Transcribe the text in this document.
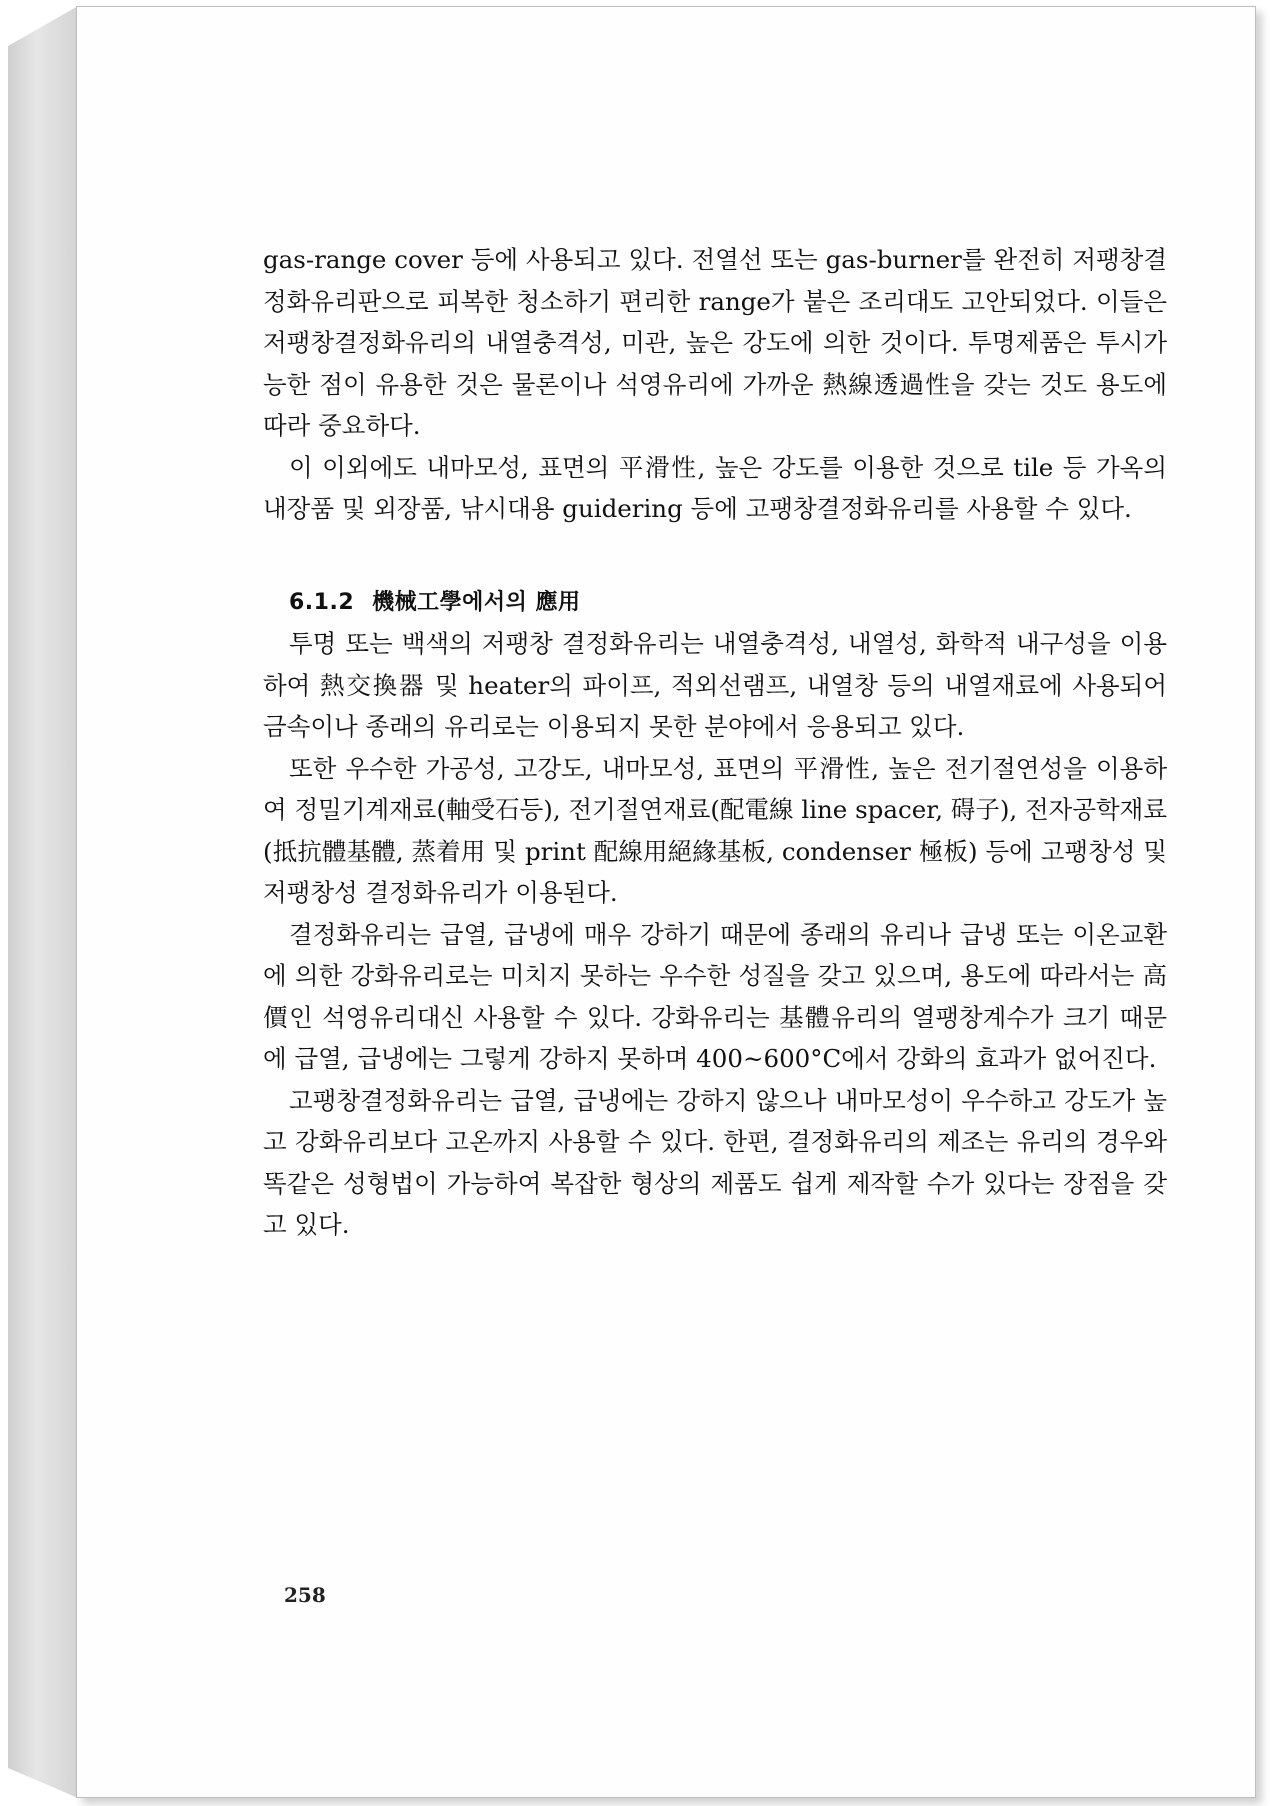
gas-range cover 등에 사용되고 있다. 전열선 또는 gas-burner를 완전히 저팽창결정화유리판으로 피복한 청소하기 편리한 range가 붙은 조리대도 고안되었다. 이들은 저팽창결정화유리의 내열충격성, 미관, 높은 강도에 의한 것이다. 투명제품은 투시가능한 점이 유용한 것은 물론이나 석영유리에 가까운 熱線透過性을 갖는 것도 용도에 따라 중요하다.

이 이외에도 내마모성, 표면의 平滑性, 높은 강도를 이용한 것으로 tile 등 가옥의 내장품 및 외장품, 낚시대용 guidering 등에 고팽창결정화유리를 사용할 수 있다.

6.1.2 機械工學에서의 應用

투명 또는 백색의 저팽창 결정화유리는 내열충격성, 내열성, 화학적 내구성을 이용하여 熱交換器 및 heater의 파이프, 적외선램프, 내열창 등의 내열재료에 사용되어 금속이나 종래의 유리로는 이용되지 못한 분야에서 응용되고 있다.

또한 우수한 가공성, 고강도, 내마모성, 표면의 平滑性, 높은 전기절연성을 이용하여 정밀기계재료(軸受石등), 전기절연재료(配電線 line spacer, 碍子), 전자공학재료(抵抗體基體, 蒸着用 및 print 配線用絕緣基板, condenser 極板) 등에 고팽창성 및 저팽창성 결정화유리가 이용된다.

결정화유리는 급열, 급냉에 매우 강하기 때문에 종래의 유리나 급냉 또는 이온교환에 의한 강화유리로는 미치지 못하는 우수한 성질을 갖고 있으며, 용도에 따라서는 高價인 석영유리대신 사용할 수 있다. 강화유리는 基體유리의 열팽창계수가 크기 때문에 급열, 급냉에는 그렇게 강하지 못하며 400~600°C에서 강화의 효과가 없어진다.

고팽창결정화유리는 급열, 급냉에는 강하지 않으나 내마모성이 우수하고 강도가 높고 강화유리보다 고온까지 사용할 수 있다. 한편, 결정화유리의 제조는 유리의 경우와 똑같은 성형법이 가능하여 복잡한 형상의 제품도 쉽게 제작할 수가 있다는 장점을 갖고 있다.

258
